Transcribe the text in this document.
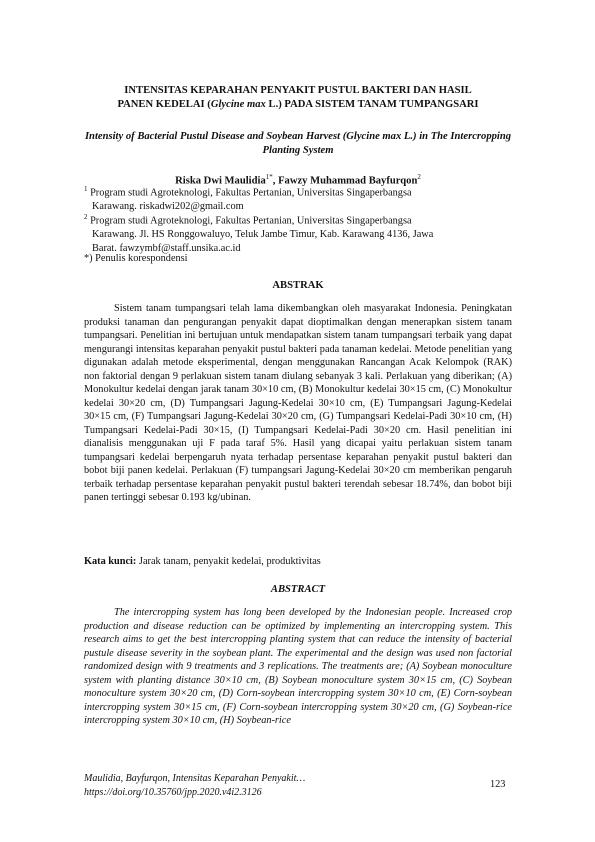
INTENSITAS KEPARAHAN PENYAKIT PUSTUL BAKTERI DAN HASIL
PANEN KEDELAI (Glycine max L.) PADA SISTEM TANAM TUMPANGSARI
Intensity of Bacterial Pustul Disease and Soybean Harvest (Glycine max L.) in The Intercropping Planting System
Riska Dwi Maulidia$^{1*}$, Fawzy Muhammad Bayfurqon$^2$
$^1$ Program studi Agroteknologi, Fakultas Pertanian, Universitas Singaperbangsa
Karawang. riskadwi202@gmail.com
$^2$ Program studi Agroteknologi, Fakultas Pertanian, Universitas Singaperbangsa
Karawang. Jl. HS Ronggowaluyo, Teluk Jambe Timur, Kab. Karawang 4136, Jawa
Barat. fawzymbf@staff.unsika.ac.id
*) Penulis korespondensi
ABSTRAK
Sistem tanam tumpangsari telah lama dikembangkan oleh masyarakat Indonesia. Peningkatan produksi tanaman dan pengurangan penyakit dapat dioptimalkan dengan menerapkan sistem tanam tumpangsari. Penelitian ini bertujuan untuk mendapatkan sistem tanam tumpangsari terbaik yang dapat mengurangi intensitas keparahan penyakit pustul bakteri pada tanaman kedelai. Metode penelitian yang digunakan adalah metode eksperimental, dengan menggunakan Rancangan Acak Kelompok (RAK) non faktorial dengan 9 perlakuan sistem tanam diulang sebanyak 3 kali. Perlakuan yang diberikan; (A) Monokultur kedelai dengan jarak tanam 30×10 cm, (B) Monokultur kedelai 30×15 cm, (C) Monokultur kedelai 30×20 cm, (D) Tumpangsari Jagung-Kedelai 30×10 cm, (E) Tumpangsari Jagung-Kedelai 30×15 cm, (F) Tumpangsari Jagung-Kedelai 30×20 cm, (G) Tumpangsari Kedelai-Padi 30×10 cm, (H) Tumpangsari Kedelai-Padi 30×15, (I) Tumpangsari Kedelai-Padi 30×20 cm. Hasil penelitian ini dianalisis menggunakan uji F pada taraf 5%. Hasil yang dicapai yaitu perlakuan sistem tanam tumpangsari kedelai berpengaruh nyata terhadap persentase keparahan penyakit pustul bakteri dan bobot biji panen kedelai. Perlakuan (F) tumpangsari Jagung-Kedelai 30×20 cm memberikan pengaruh terbaik terhadap persentase keparahan penyakit pustul bakteri terendah sebesar 18.74%, dan bobot biji panen tertinggi sebesar 0.193 kg/ubinan.
Kata kunci: Jarak tanam, penyakit kedelai, produktivitas
ABSTRACT
The intercropping system has long been developed by the Indonesian people. Increased crop production and disease reduction can be optimized by implementing an intercropping system. This research aims to get the best intercropping planting system that can reduce the intensity of bacterial pustule disease severity in the soybean plant. The experimental and the design was used non factorial randomized design with 9 treatments and 3 replications. The treatments are; (A) Soybean monoculture system with planting distance 30×10 cm, (B) Soybean monoculture system 30×15 cm, (C) Soybean monoculture system 30×20 cm, (D) Corn-soybean intercropping system 30×10 cm, (E) Corn-soybean intercropping system 30×15 cm, (F) Corn-soybean intercropping system 30×20 cm, (G) Soybean-rice intercropping system 30×10 cm, (H) Soybean-rice
Maulidia, Bayfurqon, Intensitas Keparahan Penyakit…
https://doi.org/10.35760/jpp.2020.v4i2.3126
123
